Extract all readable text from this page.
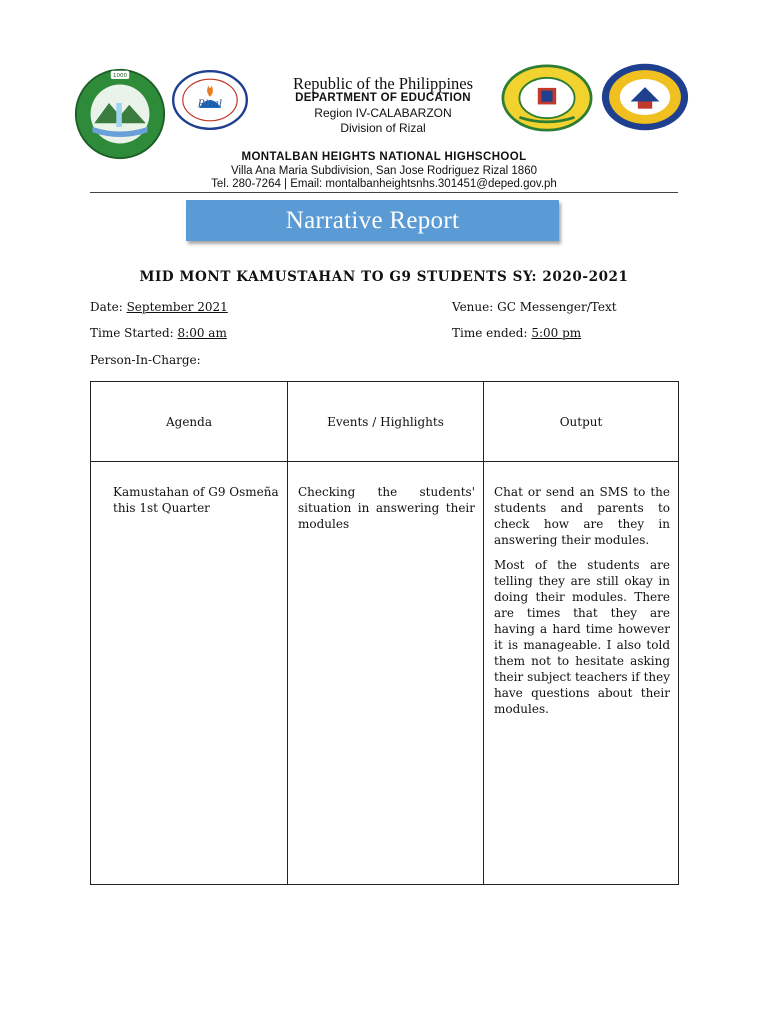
1000
Rizal
Republic of the Philippines
DEPARTMENT OF EDUCATION
Region IV-CALABARZON
Division of Rizal
MONTALBAN HEIGHTS NATIONAL HIGHSCHOOL
Villa Ana Maria Subdivision, San Jose Rodriguez Rizal 1860
Tel. 280-7264 | Email: montalbanheightsnhs.301451@deped.gov.ph
Narrative Report
MID MONT KAMUSTAHAN TO G9 STUDENTS SY: 2020-2021
Date: September 2021	Venue: GC Messenger/Text
Time Started: 8:00 am	Time ended: 5:00 pm
Person-In-Charge:
Agenda	Events / Highlights	Output
Kamustahan of G9 Osmeña this 1st Quarter	Checking the students' situation in answering their modules	Chat or send an SMS to the students and parents to check how are they in answering their modules.

Most of the students are telling they are still okay in doing their modules. There are times that they are having a hard time however it is manageable. I also told them not to hesitate asking their subject teachers if they have questions about their modules.
